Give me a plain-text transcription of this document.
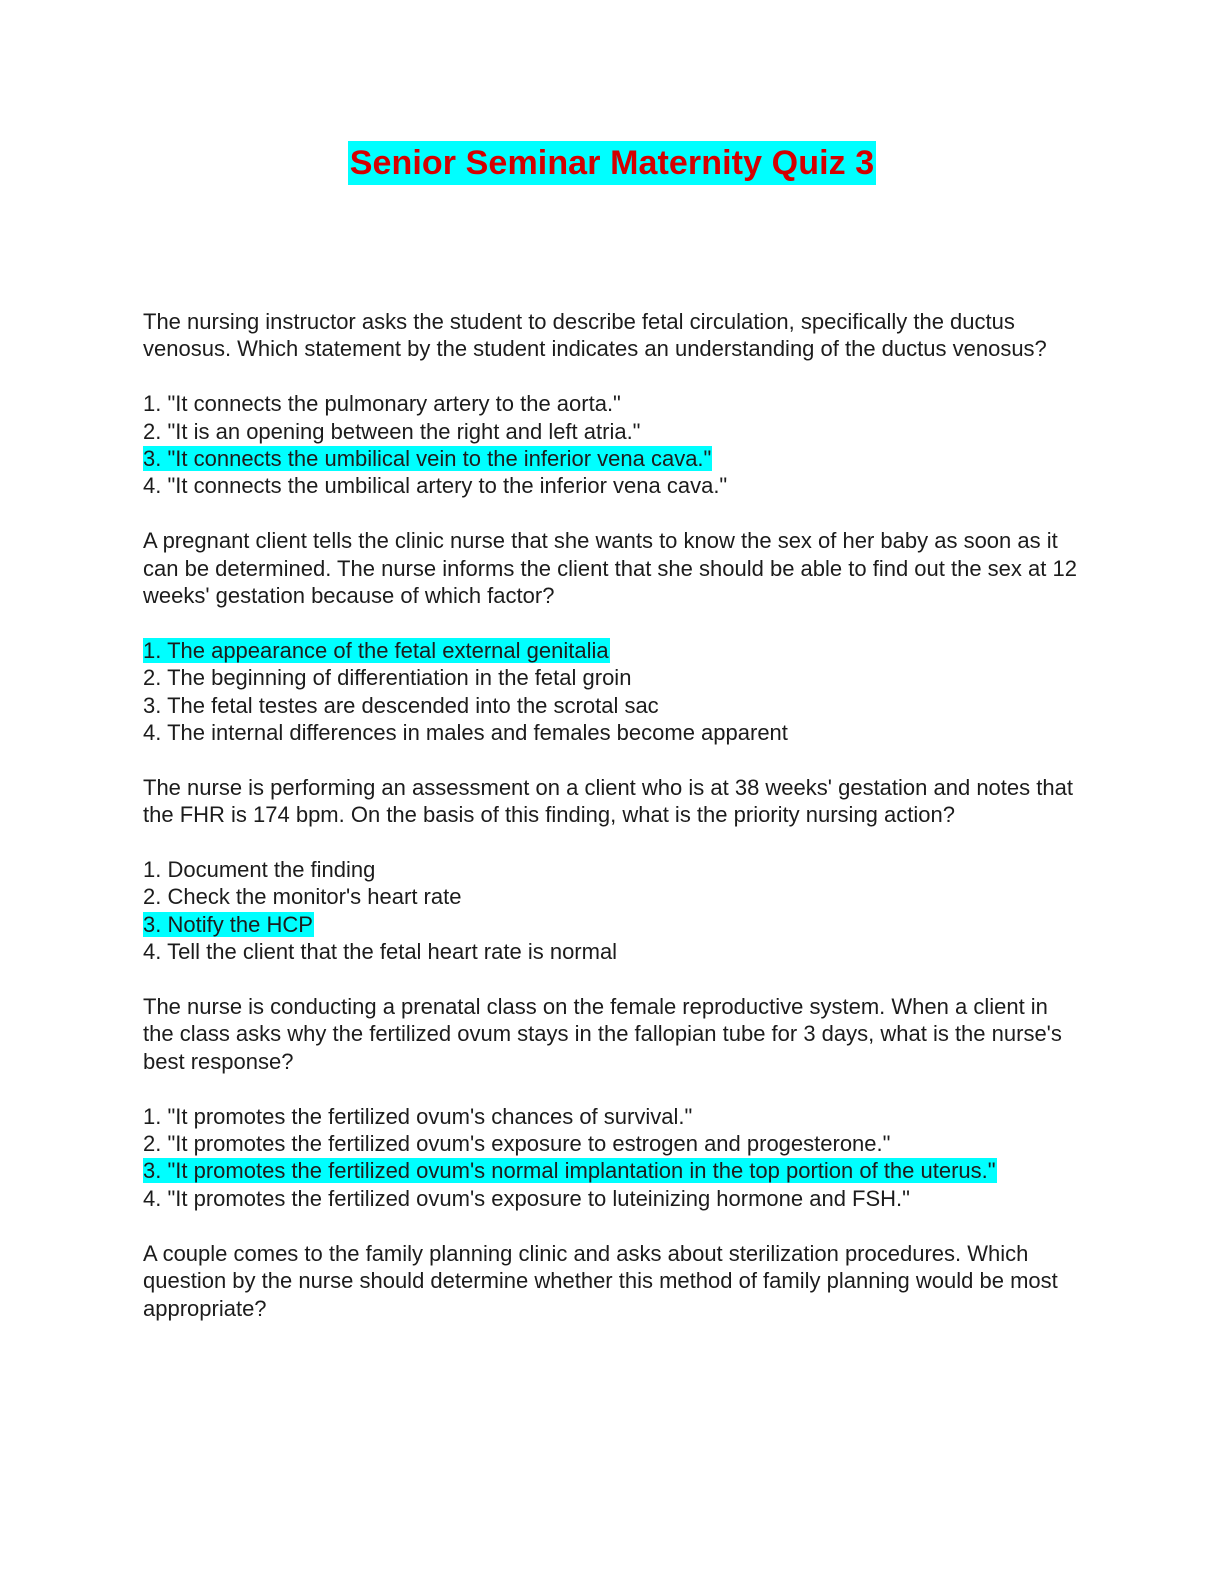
Senior Seminar Maternity Quiz 3
The nursing instructor asks the student to describe fetal circulation, specifically the ductus venosus. Which statement by the student indicates an understanding of the ductus venosus?
1. "It connects the pulmonary artery to the aorta."
2. "It is an opening between the right and left atria."
3. "It connects the umbilical vein to the inferior vena cava."
4. "It connects the umbilical artery to the inferior vena cava."
A pregnant client tells the clinic nurse that she wants to know the sex of her baby as soon as it can be determined. The nurse informs the client that she should be able to find out the sex at 12 weeks' gestation because of which factor?
1. The appearance of the fetal external genitalia
2. The beginning of differentiation in the fetal groin
3. The fetal testes are descended into the scrotal sac
4. The internal differences in males and females become apparent
The nurse is performing an assessment on a client who is at 38 weeks' gestation and notes that the FHR is 174 bpm. On the basis of this finding, what is the priority nursing action?
1. Document the finding
2. Check the monitor's heart rate
3. Notify the HCP
4. Tell the client that the fetal heart rate is normal
The nurse is conducting a prenatal class on the female reproductive system. When a client in the class asks why the fertilized ovum stays in the fallopian tube for 3 days, what is the nurse's best response?
1. "It promotes the fertilized ovum's chances of survival."
2. "It promotes the fertilized ovum's exposure to estrogen and progesterone."
3. "It promotes the fertilized ovum's normal implantation in the top portion of the uterus."
4. "It promotes the fertilized ovum's exposure to luteinizing hormone and FSH."
A couple comes to the family planning clinic and asks about sterilization procedures. Which question by the nurse should determine whether this method of family planning would be most appropriate?
